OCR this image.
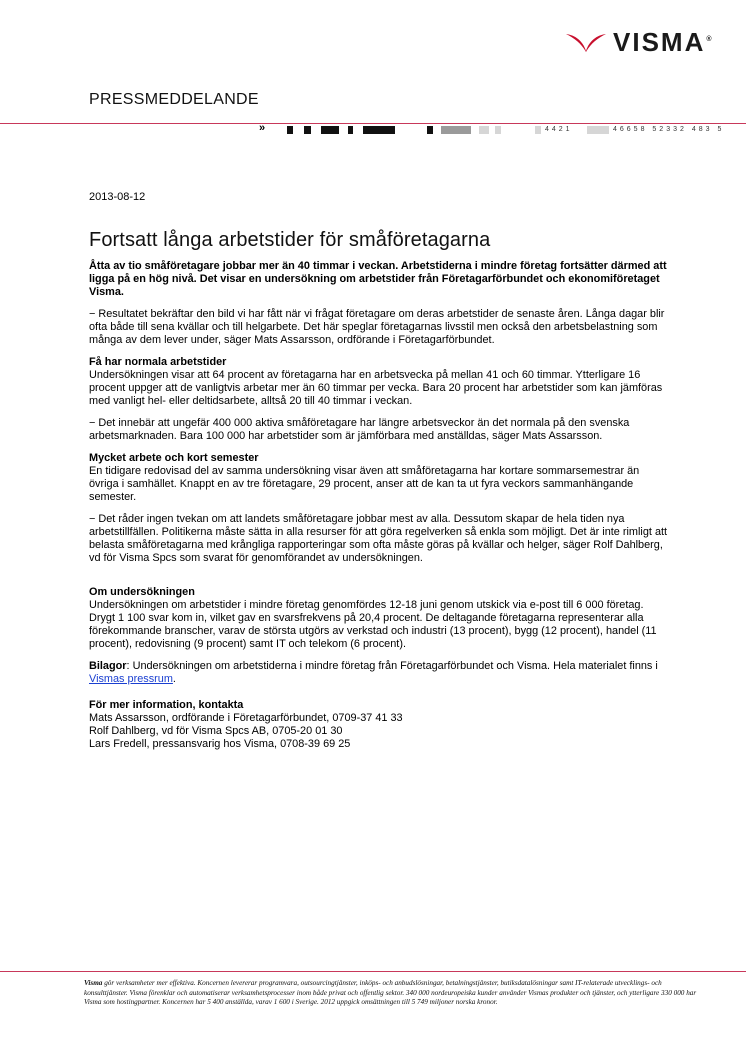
VISMA®
PRESSMEDDELANDE
»	4421	46658 52332 483 5
2013-08-12
Fortsatt långa arbetstider för småföretagarna

Åtta av tio småföretagare jobbar mer än 40 timmar i veckan. Arbetstiderna i mindre företag fortsätter därmed att ligga på en hög nivå. Det visar en undersökning om arbetstider från Företagarförbundet och ekonomiföretaget Visma.

− Resultatet bekräftar den bild vi har fått när vi frågat företagare om deras arbetstider de senaste åren. Långa dagar blir ofta både till sena kvällar och till helgarbete. Det här speglar företagarnas livsstil men också den arbetsbelastning som många av dem lever under, säger Mats Assarsson, ordförande i Företagarförbundet.

Få har normala arbetstider
Undersökningen visar att 64 procent av företagarna har en arbetsvecka på mellan 41 och 60 timmar. Ytterligare 16 procent uppger att de vanligtvis arbetar mer än 60 timmar per vecka. Bara 20 procent har arbetstider som kan jämföras med vanligt hel- eller deltidsarbete, alltså 20 till 40 timmar i veckan.

− Det innebär att ungefär 400 000 aktiva småföretagare har längre arbetsveckor än det normala på den svenska arbetsmarknaden. Bara 100 000 har arbetstider som är jämförbara med anställdas, säger Mats Assarsson.

Mycket arbete och kort semester
En tidigare redovisad del av samma undersökning visar även att småföretagarna har kortare sommarsemestrar än övriga i samhället. Knappt en av tre företagare, 29 procent, anser att de kan ta ut fyra veckors sammanhängande semester.

− Det råder ingen tvekan om att landets småföretagare jobbar mest av alla. Dessutom skapar de hela tiden nya arbetstillfällen. Politikerna måste sätta in alla resurser för att göra regelverken så enkla som möjligt. Det är inte rimligt att belasta småföretagarna med krångliga rapporteringar som ofta måste göras på kvällar och helger, säger Rolf Dahlberg, vd för Visma Spcs som svarat för genomförandet av undersökningen.

Om undersökningen
Undersökningen om arbetstider i mindre företag genomfördes 12-18 juni genom utskick via e-post till 6 000 företag. Drygt 1 100 svar kom in, vilket gav en svarsfrekvens på 20,4 procent. De deltagande företagarna representerar alla förekommande branscher, varav de största utgörs av verkstad och industri (13 procent), bygg (12 procent), handel (11 procent), redovisning (9 procent) samt IT och telekom (6 procent).

Bilagor: Undersökningen om arbetstiderna i mindre företag från Företagarförbundet och Visma. Hela materialet finns i Vismas pressrum.

För mer information, kontakta
Mats Assarsson, ordförande i Företagarförbundet, 0709-37 41 33
Rolf Dahlberg, vd för Visma Spcs AB, 0705-20 01 30
Lars Fredell, pressansvarig hos Visma, 0708-39 69 25

Visma gör verksamheter mer effektiva. Koncernen levererar programvara, outsourcingtjänster, inköps- och anbudslösningar, betalningstjänster, butiksdatalösningar samt IT-relaterade utvecklings- och konsulttjänster. Visma förenklar och automatiserar verksamhetsprocesser inom både privat och offentlig sektor. 340 000 nordeuropeiska kunder använder Vismas produkter och tjänster, och ytterligare 330 000 har Visma som hostingpartner. Koncernen har 5 400 anställda, varav 1 600 i Sverige. 2012 uppgick omsättningen till 5 749 miljoner norska kronor.
